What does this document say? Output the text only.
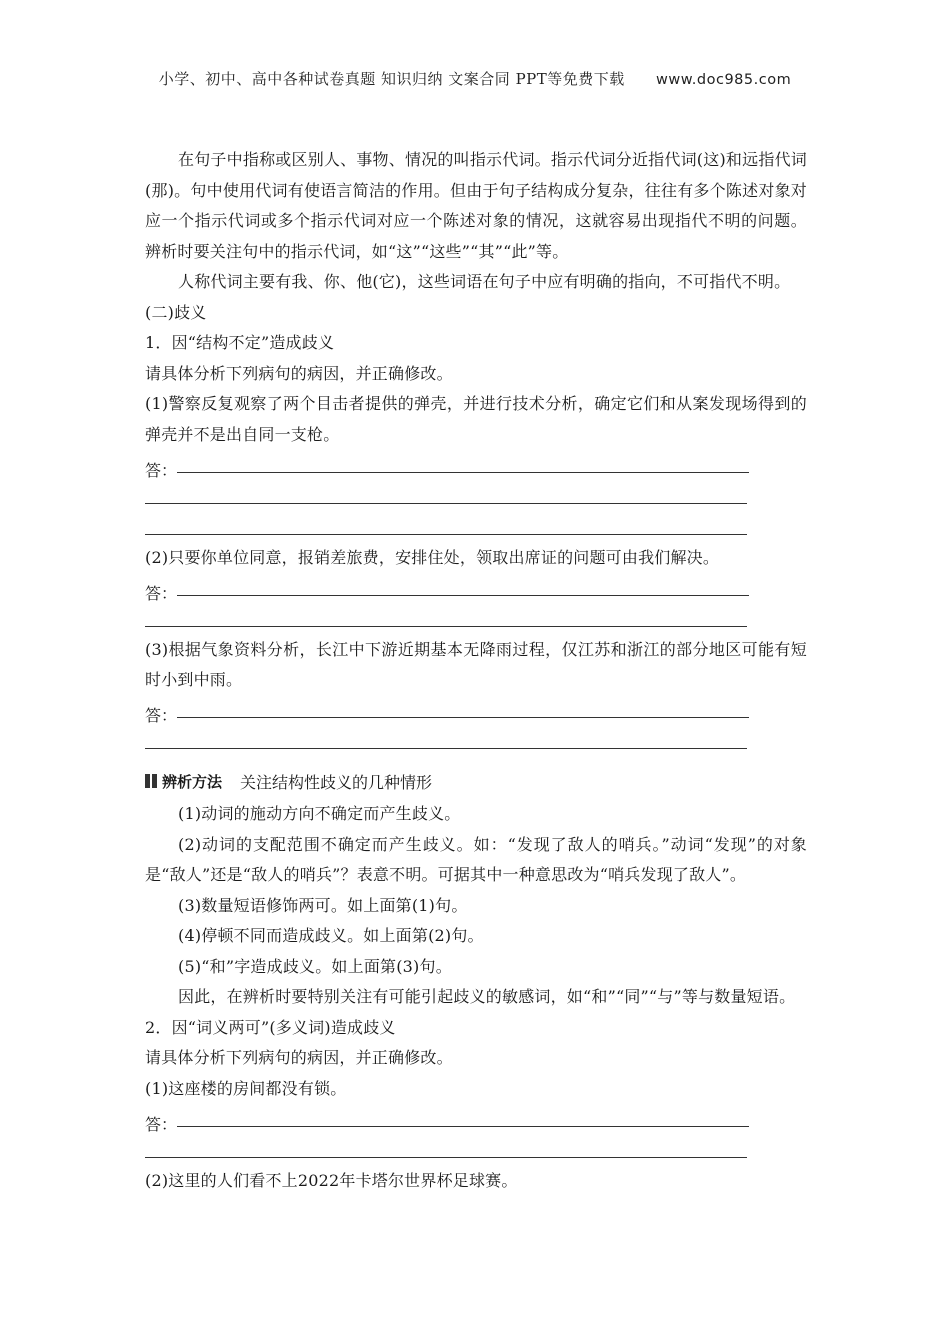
小学、初中、高中各种试卷真题 知识归纳 文案合同 PPT等免费下载 www.doc985.com
在句子中指称或区别人、事物、情况的叫指示代词。指示代词分近指代词(这)和远指代词(那)。句中使用代词有使语言简洁的作用。但由于句子结构成分复杂，往往有多个陈述对象对应一个指示代词或多个指示代词对应一个陈述对象的情况，这就容易出现指代不明的问题。辨析时要关注句中的指示代词，如“这”“这些”“其”“此”等。
人称代词主要有我、你、他(它)，这些词语在句子中应有明确的指向，不可指代不明。
(二)歧义
1．因“结构不定”造成歧义
请具体分析下列病句的病因，并正确修改。
(1)警察反复观察了两个目击者提供的弹壳，并进行技术分析，确定它们和从案发现场得到的弹壳并不是出自同一支枪。
答：
(2)只要你单位同意，报销差旅费，安排住处，领取出席证的问题可由我们解决。
答：
(3)根据气象资料分析，长江中下游近期基本无降雨过程，仅江苏和浙江的部分地区可能有短时小到中雨。
答：
辨析方法 关注结构性歧义的几种情形
(1)动词的施动方向不确定而产生歧义。
(2)动词的支配范围不确定而产生歧义。如：“发现了敌人的哨兵。”动词“发现”的对象是“敌人”还是“敌人的哨兵”？表意不明。可据其中一种意思改为“哨兵发现了敌人”。
(3)数量短语修饰两可。如上面第(1)句。
(4)停顿不同而造成歧义。如上面第(2)句。
(5)“和”字造成歧义。如上面第(3)句。
因此，在辨析时要特别关注有可能引起歧义的敏感词，如“和”“同”“与”等与数量短语。
2．因“词义两可”(多义词)造成歧义
请具体分析下列病句的病因，并正确修改。
(1)这座楼的房间都没有锁。
答：
(2)这里的人们看不上2022年卡塔尔世界杯足球赛。
